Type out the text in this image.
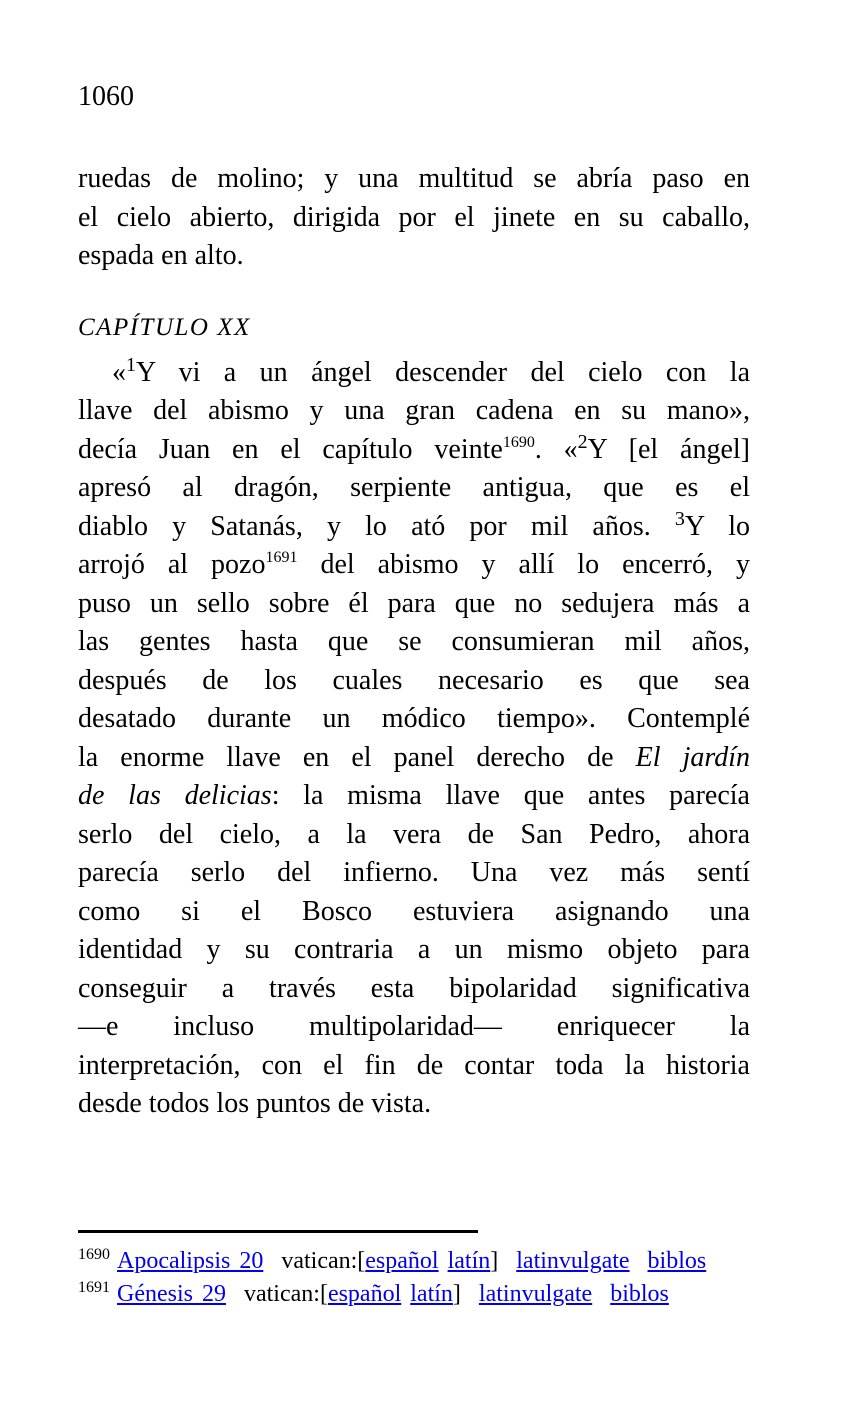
1060
ruedas de molino; y una multitud se abría paso en
el cielo abierto, dirigida por el jinete en su caballo,
espada en alto.
CAPÍTULO XX
«$^1$Y vi a un ángel descender del cielo con la
llave del abismo y una gran cadena en su mano»,
decía Juan en el capítulo veinte$^{1690}$. «$^2$Y [el ángel]
apresó al dragón, serpiente antigua, que es el
diablo y Satanás, y lo ató por mil años. $^3$Y lo
arrojó al pozo$^{1691}$ del abismo y allí lo encerró, y
puso un sello sobre él para que no sedujera más a
las gentes hasta que se consumieran mil años,
después de los cuales necesario es que sea
desatado durante un módico tiempo». Contemplé
la enorme llave en el panel derecho de El jardín
de las delicias: la misma llave que antes parecía
serlo del cielo, a la vera de San Pedro, ahora
parecía serlo del infierno. Una vez más sentí
como si el Bosco estuviera asignando una
identidad y su contraria a un mismo objeto para
conseguir a través esta bipolaridad significativa
—e incluso multipolaridad— enriquecer la
interpretación, con el fin de contar toda la historia
desde todos los puntos de vista.
$^{1690}$ Apocalipsis 20  vatican:[español latín]  latinvulgate biblos
$^{1691}$ Génesis 29  vatican:[español latín]  latinvulgate biblos
